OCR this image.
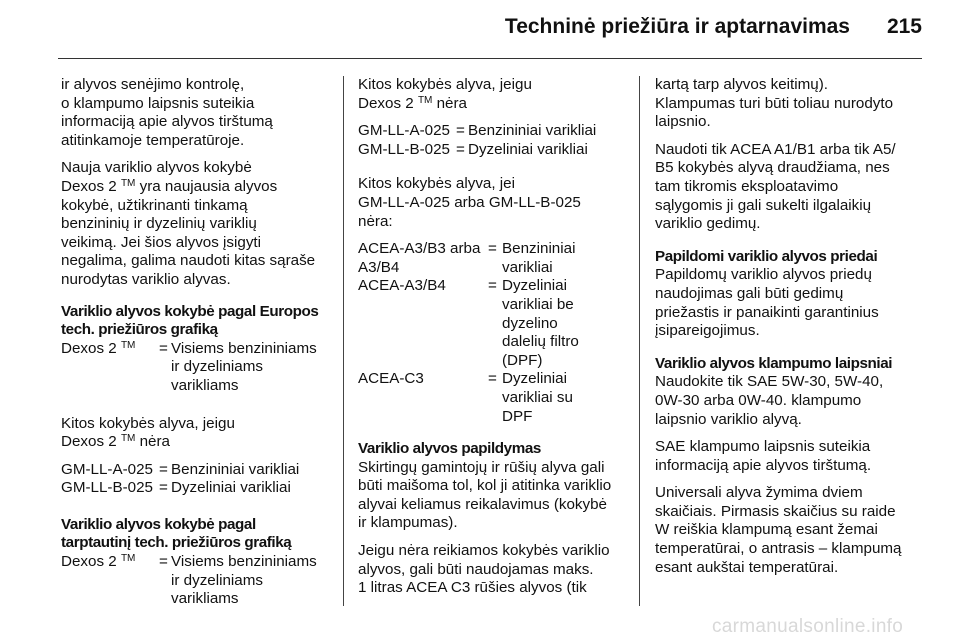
Techninė priežiūra ir aptarnavimas 215

ir alyvos senėjimo kontrolę,
o klampumo laipsnis suteikia
informaciją apie alyvos tirštumą
atitinkamoje temperatūroje.

Nauja variklio alyvos kokybė
Dexos 2 ™ yra naujausia alyvos
kokybė, užtikrinanti tinkamą
benzininių ir dyzelinių variklių
veikimą. Jei šios alyvos įsigyti
negalima, galima naudoti kitas sąraše
nurodytas variklio alyvas.

Variklio alyvos kokybė pagal Europos
tech. priežiūros grafiką
Dexos 2 ™	= Visiems benzininiams
ir dyzeliniams
varikliams

Kitos kokybės alyva, jeigu
Dexos 2 ™ nėra

GM-LL-A-025 = Benzininiai varikliai
GM-LL-B-025 = Dyzeliniai varikliai
Variklio alyvos kokybė pagal
tarptautinį tech. priežiūros grafiką
Dexos 2 ™	= Visiems benzininiams
ir dyzeliniams
varikliams

Kitos kokybės alyva, jeigu
Dexos 2 ™ nėra

GM-LL-A-025 = Benzininiai varikliai
GM-LL-B-025 = Dyzeliniai varikliai

Kitos kokybės alyva, jei
GM-LL-A-025 arba GM-LL-B-025
nėra:

ACEA-A3/B3 arba
A3/B4
= Benzininiai
varikliai
ACEA-A3/B4	= Dyzeliniai
varikliai be
dyzelino
dalelių filtro
(DPF)
ACEA-C3	= Dyzeliniai
varikliai su
DPF
Variklio alyvos papildymas

Skirtingų gamintojų ir rūšių alyva gali
būti maišoma tol, kol ji atitinka variklio
alyvai keliamus reikalavimus (kokybė
ir klampumas).

Jeigu nėra reikiamos kokybės variklio
alyvos, gali būti naudojamas maks.
1 litras ACEA C3 rūšies alyvos (tik

kartą tarp alyvos keitimų).
Klampumas turi būti toliau nurodyto
laipsnio.

Naudoti tik ACEA A1/B1 arba tik A5/
B5 kokybės alyvą draudžiama, nes
tam tikromis eksploatavimo
sąlygomis ji gali sukelti ilgalaikių
variklio gedimų.

Papildomi variklio alyvos priedai

Papildomų variklio alyvos priedų
naudojimas gali būti gedimų
priežastis ir panaikinti garantinius
įsipareigojimus.

Variklio alyvos klampumo laipsniai

Naudokite tik SAE 5W-30, 5W-40,
0W-30 arba 0W-40. klampumo
laipsnio variklio alyvą.

SAE klampumo laipsnis suteikia
informaciją apie alyvos tirštumą.

Universali alyva žymima dviem
skaičiais. Pirmasis skaičius su raide
W reiškia klampumą esant žemai
temperatūrai, o antrasis – klampumą
esant aukštai temperatūrai.

carmanualsonline.info
